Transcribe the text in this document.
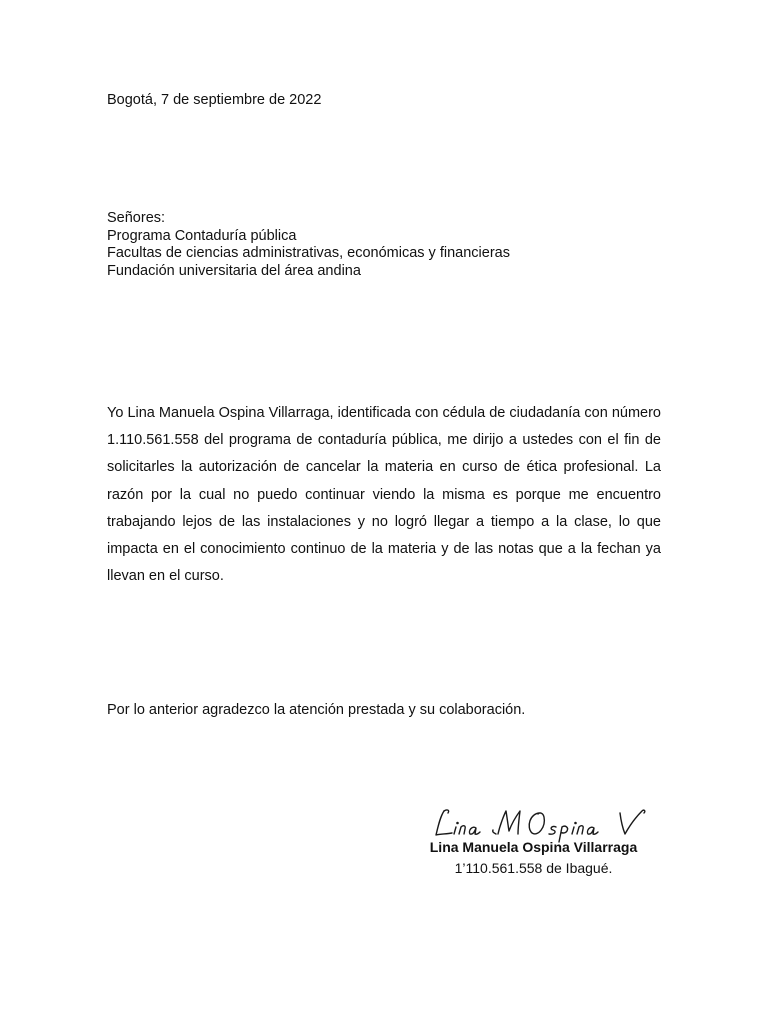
Bogotá, 7 de septiembre de 2022
Señores:
Programa Contaduría pública
Facultas de ciencias administrativas, económicas y financieras
Fundación universitaria del área andina

Yo Lina Manuela Ospina Villarraga, identificada con cédula de ciudadanía con número 1.110.561.558 del programa de contaduría pública, me dirijo a ustedes con el fin de solicitarles la autorización de cancelar la materia en curso de ética profesional. La razón por la cual no puedo continuar viendo la misma es porque me encuentro trabajando lejos de las instalaciones y no logró llegar a tiempo a la clase, lo que impacta en el conocimiento continuo de la materia y de las notas que a la fechan ya llevan en el curso.

Por lo anterior agradezco la atención prestada y su colaboración.
Lina Manuela Ospina Villarraga
1’110.561.558 de Ibagué.
